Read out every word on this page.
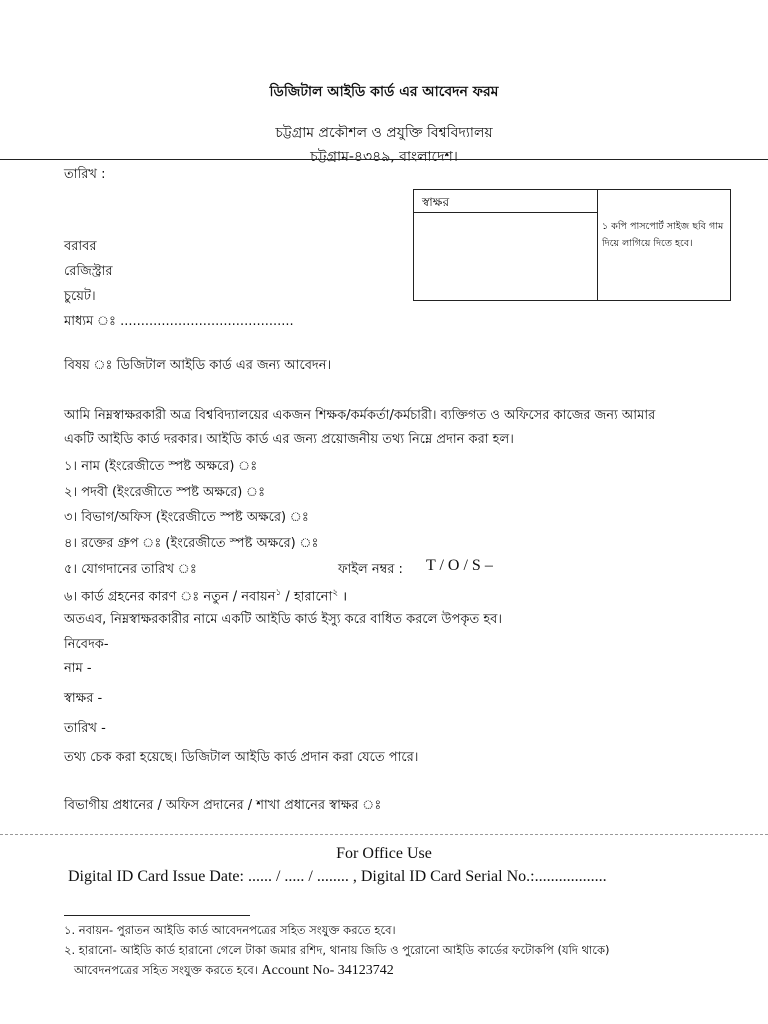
ডিজিটাল আইডি কার্ড এর আবেদন ফরম
চট্টগ্রাম প্রকৌশল ও প্রযুক্তি বিশ্ববিদ্যালয়
চট্টগ্রাম-৪৩৪৯, বাংলাদেশ।
তারিখ :
স্বাক্ষর
১ কপি পাসপোর্ট সাইজ ছবি গাম দিয়ে লাগিয়ে দিতে হবে।
বরাবর
রেজিস্ট্রার
চুয়েট।
মাধ্যম ঃ ..........................................
বিষয় ঃ ডিজিটাল আইডি কার্ড এর জন্য আবেদন।
আমি নিম্নস্বাক্ষরকারী অত্র বিশ্ববিদ্যালয়ের একজন শিক্ষক/কর্মকর্তা/কর্মচারী। ব্যক্তিগত ও অফিসের কাজের জন্য আমার
একটি আইডি কার্ড দরকার। আইডি কার্ড এর জন্য প্রয়োজনীয় তথ্য নিম্নে প্রদান করা হল।
১। নাম (ইংরেজীতে স্পষ্ট অক্ষরে) ঃ
২। পদবী (ইংরেজীতে স্পষ্ট অক্ষরে) ঃ
৩। বিভাগ/অফিস (ইংরেজীতে স্পষ্ট অক্ষরে) ঃ
৪। রক্তের গ্রুপ ঃ (ইংরেজীতে স্পষ্ট অক্ষরে) ঃ
৫। যোগদানের তারিখ ঃ	ফাইল নম্বর : T / O / S –
৬। কার্ড গ্রহনের কারণ ঃ নতুন / নবায়ন$^১$ / হারানো$^২$ ।
অতএব, নিম্নস্বাক্ষরকারীর নামে একটি আইডি কার্ড ইস্যু করে বাধিত করলে উপকৃত হব।
নিবেদক-
নাম -
স্বাক্ষর -
তারিখ -
তথ্য চেক করা হয়েছে। ডিজিটাল আইডি কার্ড প্রদান করা যেতে পারে।
বিভাগীয় প্রধানের / অফিস প্রদানের / শাখা প্রধানের স্বাক্ষর ঃ
For Office Use
Digital ID Card Issue Date: ...... / ..... / ........ , Digital ID Card Serial No.:..................
১. নবায়ন- পুরাতন আইডি কার্ড আবেদনপত্রের সহিত সংযুক্ত করতে হবে।
২. হারানো- আইডি কার্ড হারানো গেলে টাকা জমার রশিদ, থানায় জিডি ও পুরোনো আইডি কার্ডের ফটোকপি (যদি থাকে)
আবেদনপত্রের সহিত সংযুক্ত করতে হবে। Account No- 34123742
